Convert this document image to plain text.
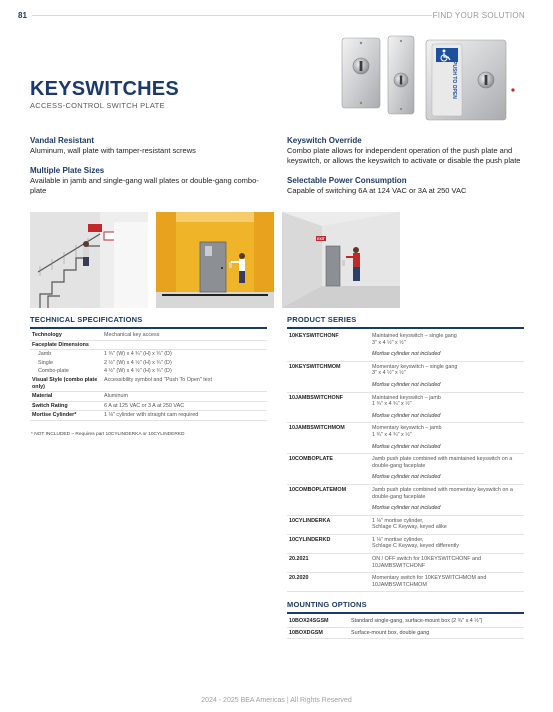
81	FIND YOUR SOLUTION
PUSH TO OPEN
KEYSWITCHES
ACCESS-CONTROL SWITCH PLATE
Vandal Resistant

Aluminum, wall plate with tamper-resistant screws

Multiple Plate Sizes

Available in jamb and single-gang wall plates or double-gang combo-plate

Keyswitch Override

Combo plate allows for independent operation of the push plate and keyswitch, or allows the keyswitch to activate or disable the push plate

Selectable Power Consumption

Capable of switching 6A at 124 VAC or 3A at 250 VAC

EXIT
TECHNICAL SPECIFICATIONS
Technology	Mechanical key access
Faceplate Dimensions	
Jamb	1 ¾" (W) x 4 ¾" (H) x ¾" (D)
Single	2 ½" (W) x 4 ½" (H) x ¾" (D)
Combo-plate	4 ½" (W) x 4 ½" (H) x ¾" (D)
Visual Style (combo plate only)	Accessibility symbol and "Push To Open" text
Material	Aluminum
Switch Rating	6 A at 125 VAC or 3 A at 250 VAC
Mortise Cylinder*	1 ⅛" cylinder with straight cam required
* NOT INCLUDED – Requires part 10CYLINDERKA or 10CYLINDERKD
PRODUCT SERIES
10KEYSWITCHONF	Maintained keyswitch – single gang
3" x 4 ½" x ½"
Mortise cylinder not included

10KEYSWITCHMOM	Momentary keyswitch – single gang
3" x 4 ½" x ½"
Mortise cylinder not included

10JAMBSWITCHONF	Maintained keyswitch – jamb
1 ¾" x 4 ¾" x ½"
Mortise cylinder not included

10JAMBSWITCHMOM	Momentary keyswitch – jamb
1 ¾" x 4 ¾" x ½"
Mortise cylinder not included

10COMBOPLATE	Jamb push plate combined with maintained keyswitch on a double-gang faceplate
Mortise cylinder not included

10COMBOPLATEMOM	Jamb push plate combined with momentary keyswitch on a double-gang faceplate
Mortise cylinder not included

10CYLINDERKA	1 ⅛" mortise cylinder,
Schlage C Keyway, keyed alike
10CYLINDERKD	1 ⅛" mortise cylinder,
Schlage C Keyway, keyed differently
20.2021	ON / OFF switch for 10KEYSWITCHONF and 10JAMBSWITCHONF
20.2020	Momentary switch for 10KEYSWITCHMOM and 10JAMBSWITCHMOM
MOUNTING OPTIONS
10BOX24SGSM	Standard single-gang, surface-mount box (2 ¾" x 4 ½")
10BOXDGSM	Surface-mount box, double gang
2024 - 2025 BEA Americas | All Rights Reserved
